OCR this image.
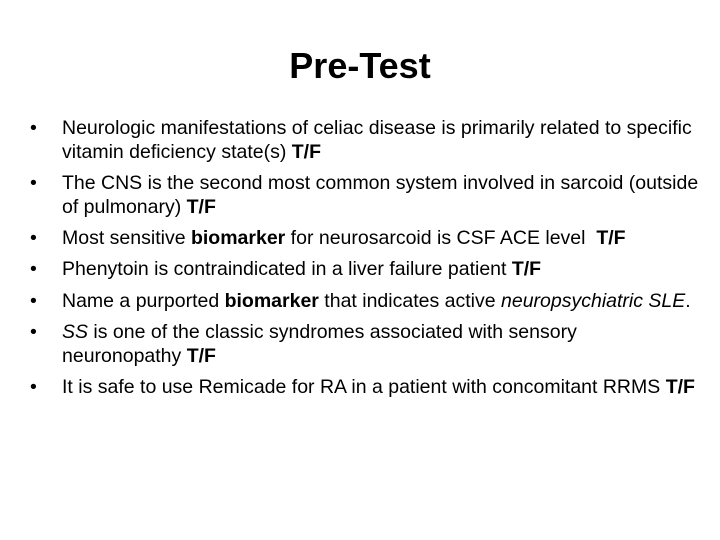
Pre-Test
•	Neurologic manifestations of celiac disease is primarily related to specific vitamin deficiency state(s) T/F
•	The CNS is the second most common system involved in sarcoid (outside of pulmonary) T/F
•	Most sensitive biomarker for neurosarcoid is CSF ACE level  T/F
•	Phenytoin is contraindicated in a liver failure patient T/F
•	Name a purported biomarker that indicates active neuropsychiatric SLE.
•	SS is one of the classic syndromes associated with sensory neuronopathy T/F
•	It is safe to use Remicade for RA in a patient with concomitant RRMS T/F
